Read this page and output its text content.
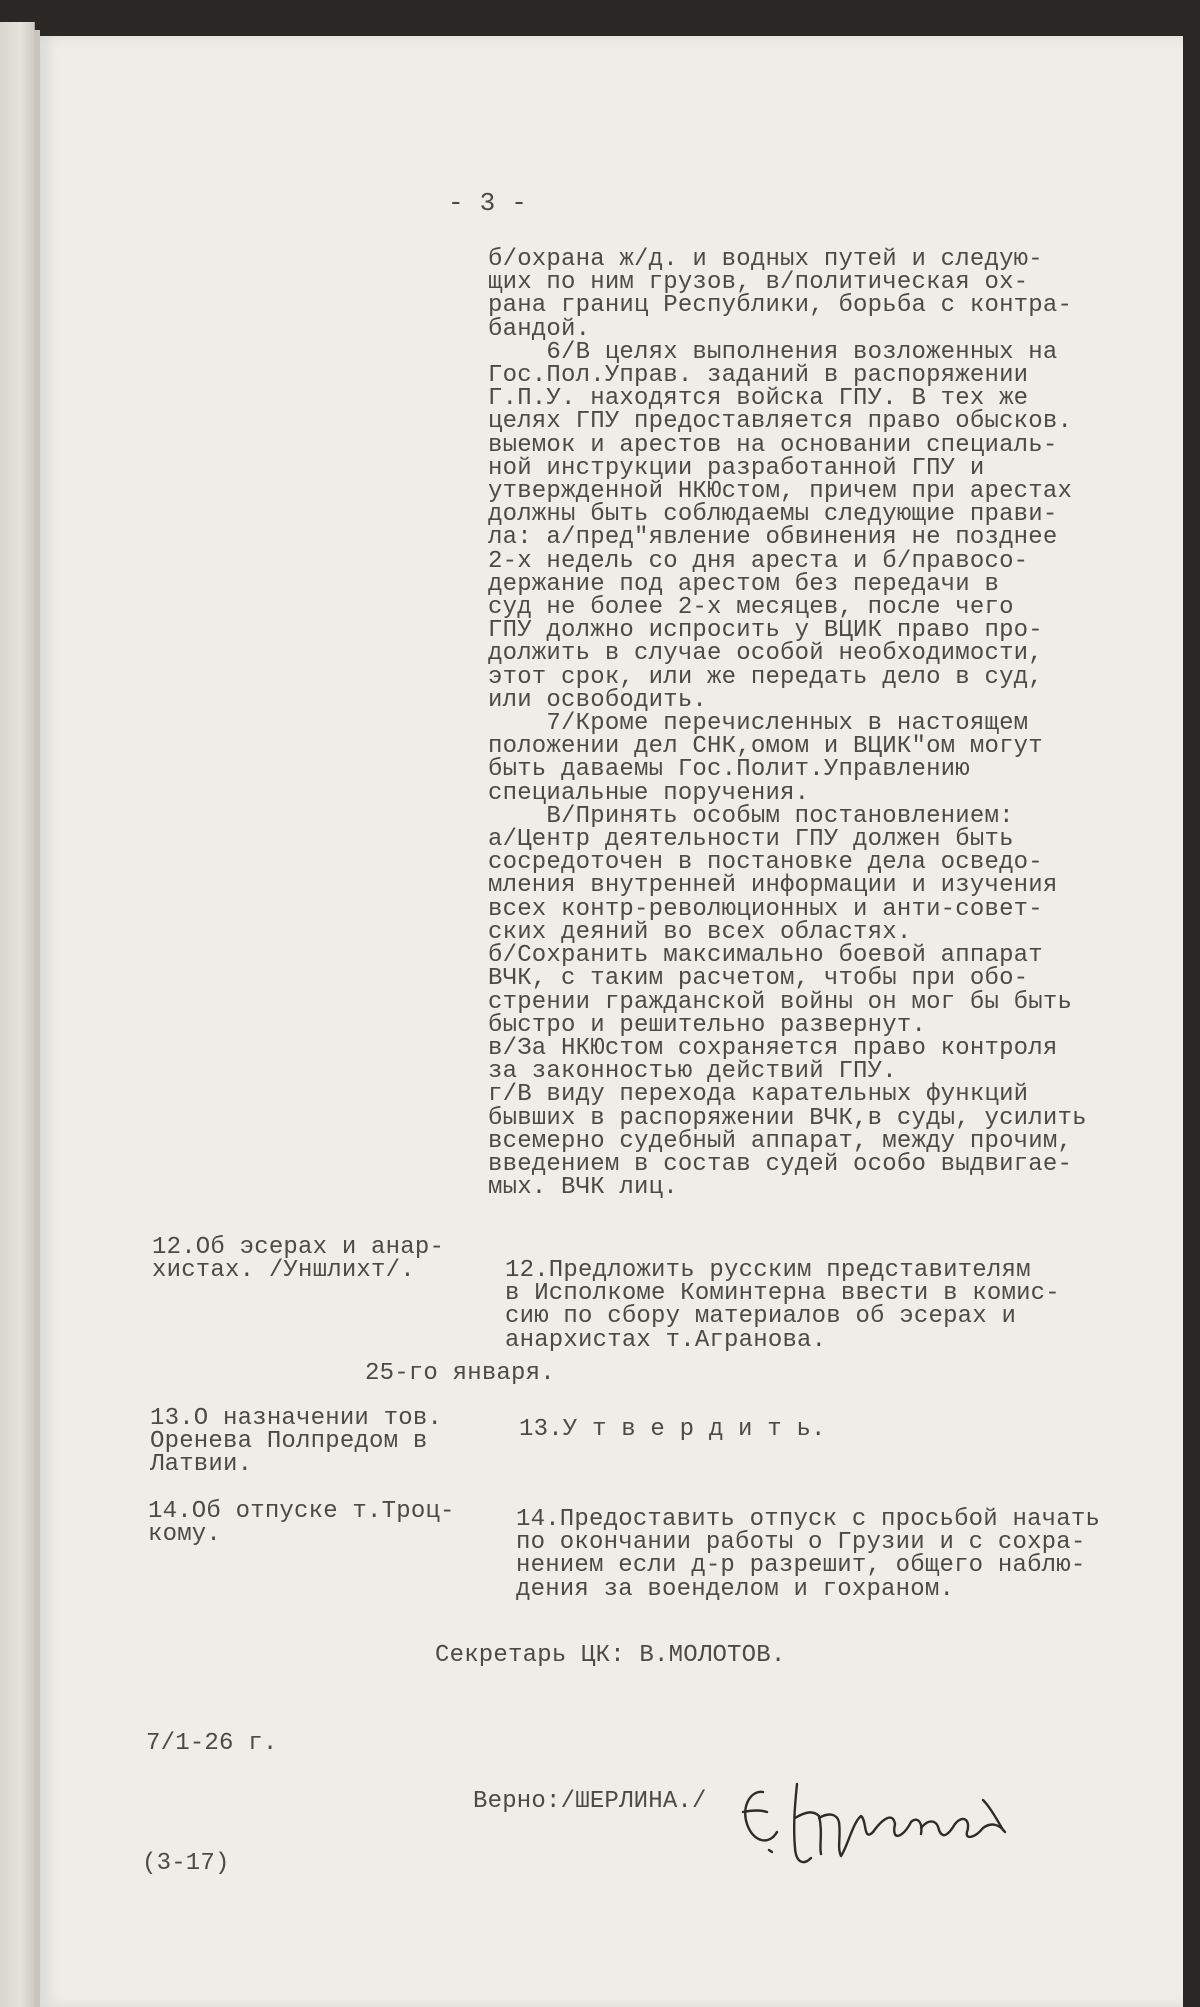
- 3 -
б/охрана ж/д. и водных путей и следую-
щих по ним грузов, в/политическая ох-
рана границ Республики, борьба с контра-
бандой.
6/В целях выполнения возложенных на
Гос.Пол.Управ. заданий в распоряжении
Г.П.У. находятся войска ГПУ. В тех же
целях ГПУ предоставляется право обысков.
выемок и арестов на основании специаль-
ной инструкции разработанной ГПУ и
утвержденной НКЮстом, причем при арестах
должны быть соблюдаемы следующие прави-
ла: а/пред"явление обвинения не позднее
2-х недель со дня ареста и б/правосо-
держание под арестом без передачи в
суд не более 2-х месяцев, после чего
ГПУ должно испросить у ВЦИК право про-
должить в случае особой необходимости,
этот срок, или же передать дело в суд,
или освободить.
7/Кроме перечисленных в настоящем
положении дел СНК,омом и ВЦИК"ом могут
быть даваемы Гос.Полит.Управлению
специальные поручения.
В/Принять особым постановлением:
а/Центр деятельности ГПУ должен быть
сосредоточен в постановке дела осведо-
мления внутренней информации и изучения
всех контр-революционных и анти-совет-
ских деяний во всех областях.
б/Сохранить максимально боевой аппарат
ВЧК, с таким расчетом, чтобы при обо-
стрении гражданской войны он мог бы быть
быстро и решительно развернут.
в/За НКЮстом сохраняется право контроля
за законностью действий ГПУ.
г/В виду перехода карательных функций
бывших в распоряжении ВЧК,в суды, усилить
всемерно судебный аппарат, между прочим,
введением в состав судей особо выдвигае-
мых. ВЧК лиц.
12.Об эсерах и анар-
хистах. /Уншлихт/.	12.Предложить русским представителям
в Исполкоме Коминтерна ввести в комис-
сию по сбору материалов об эсерах и
анархистах т.Агранова.
25-го января.
13.О назначении тов.
Оренева Полпредом в
Латвии.
13.У т в е р д и т ь.
14.Об отпуске т.Троц-
кому.
14.Предоставить отпуск с просьбой начать
по окончании работы о Грузии и с сохра-
нением если д-р разрешит, общего наблю-
дения за военделом и гохраном.
Секретарь ЦК: В.МОЛОТОВ.
7/1-26 г.
Верно:/ШЕРЛИНА./
(3-17)
